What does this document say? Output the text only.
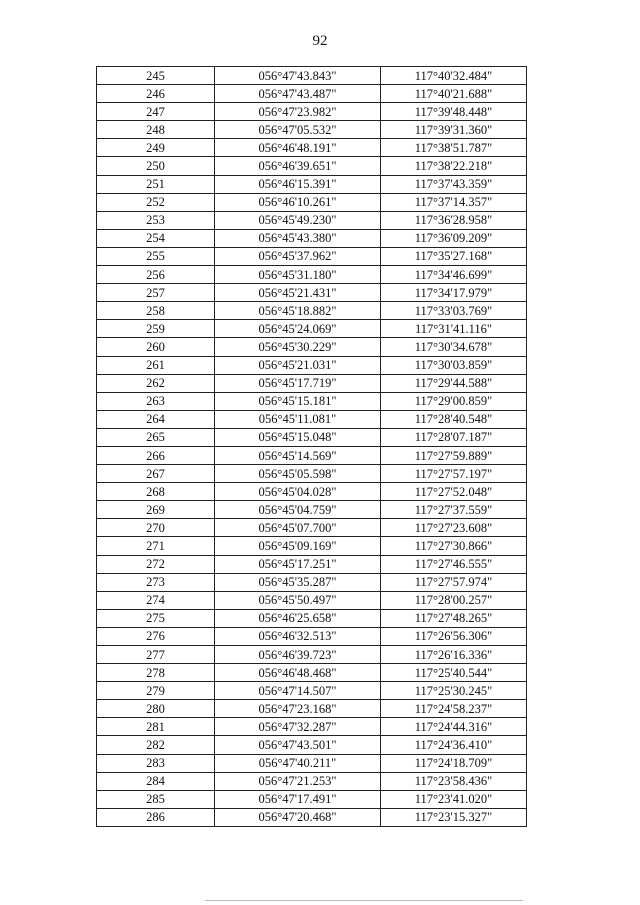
92
245	056°47'43.843"	117°40'32.484"
246	056°47'43.487"	117°40'21.688"
247	056°47'23.982"	117°39'48.448"
248	056°47'05.532"	117°39'31.360"
249	056°46'48.191"	117°38'51.787"
250	056°46'39.651"	117°38'22.218"
251	056°46'15.391"	117°37'43.359"
252	056°46'10.261"	117°37'14.357"
253	056°45'49.230"	117°36'28.958"
254	056°45'43.380"	117°36'09.209"
255	056°45'37.962"	117°35'27.168"
256	056°45'31.180"	117°34'46.699"
257	056°45'21.431"	117°34'17.979"
258	056°45'18.882"	117°33'03.769"
259	056°45'24.069"	117°31'41.116"
260	056°45'30.229"	117°30'34.678"
261	056°45'21.031"	117°30'03.859"
262	056°45'17.719"	117°29'44.588"
263	056°45'15.181"	117°29'00.859"
264	056°45'11.081"	117°28'40.548"
265	056°45'15.048"	117°28'07.187"
266	056°45'14.569"	117°27'59.889"
267	056°45'05.598"	117°27'57.197"
268	056°45'04.028"	117°27'52.048"
269	056°45'04.759"	117°27'37.559"
270	056°45'07.700"	117°27'23.608"
271	056°45'09.169"	117°27'30.866"
272	056°45'17.251"	117°27'46.555"
273	056°45'35.287"	117°27'57.974"
274	056°45'50.497"	117°28'00.257"
275	056°46'25.658"	117°27'48.265"
276	056°46'32.513"	117°26'56.306"
277	056°46'39.723"	117°26'16.336"
278	056°46'48.468"	117°25'40.544"
279	056°47'14.507"	117°25'30.245"
280	056°47'23.168"	117°24'58.237"
281	056°47'32.287"	117°24'44.316"
282	056°47'43.501"	117°24'36.410"
283	056°47'40.211"	117°24'18.709"
284	056°47'21.253"	117°23'58.436"
285	056°47'17.491"	117°23'41.020"
286	056°47'20.468"	117°23'15.327"
